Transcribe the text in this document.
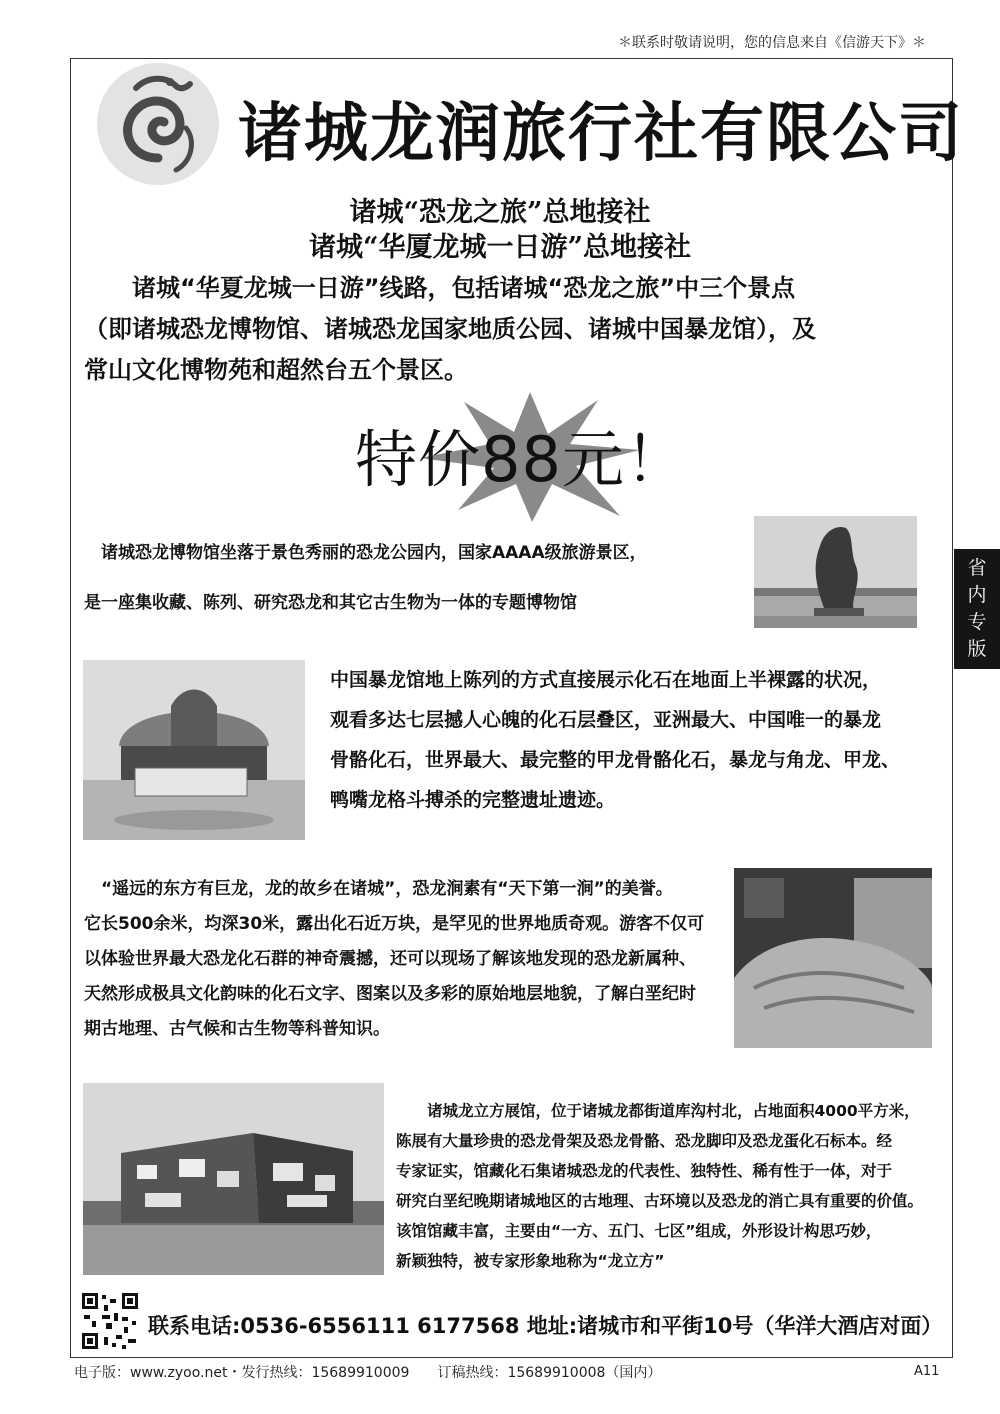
＊联系时敬请说明，您的信息来自《信游天下》＊
诸城龙润旅行社有限公司
诸城“恐龙之旅”总地接社
诸城“华厦龙城一日游”总地接社

　　诸城“华夏龙城一日游”线路，包括诸城“恐龙之旅”中三个景点

（即诸城恐龙博物馆、诸城恐龙国家地质公园、诸城中国暴龙馆），及

常山文化博物苑和超然台五个景区。

特价88元！

　诸城恐龙博物馆坐落于景色秀丽的恐龙公园内，国家AAAA级旅游景区，

是一座集收藏、陈列、研究恐龙和其它古生物为一体的专题博物馆

中国暴龙馆地上陈列的方式直接展示化石在地面上半裸露的状况，

观看多达七层撼人心魄的化石层叠区，亚洲最大、中国唯一的暴龙

骨骼化石，世界最大、最完整的甲龙骨骼化石，暴龙与角龙、甲龙、

鸭嘴龙格斗搏杀的完整遗址遗迹。

　“遥远的东方有巨龙，龙的故乡在诸城”，恐龙涧素有“天下第一涧”的美誉。

它长500余米，均深30米，露出化石近万块，是罕见的世界地质奇观。游客不仅可

以体验世界最大恐龙化石群的神奇震撼，还可以现场了解该地发现的恐龙新属种、

天然形成极具文化韵味的化石文字、图案以及多彩的原始地层地貌，了解白垩纪时

期古地理、古气候和古生物等科普知识。

　　诸城龙立方展馆，位于诸城龙都街道库沟村北，占地面积4000平方米，

陈展有大量珍贵的恐龙骨架及恐龙骨骼、恐龙脚印及恐龙蛋化石标本。经

专家证实，馆藏化石集诸城恐龙的代表性、独特性、稀有性于一体，对于

研究白垩纪晚期诸城地区的古地理、古环境以及恐龙的消亡具有重要的价值。

该馆馆藏丰富，主要由“一方、五门、七区”组成，外形设计构思巧妙，

新颖独特，被专家形象地称为“龙立方”

省
内
专
版
联系电话:0536-6556111 6177568 地址:诸城市和平街10号（华洋大酒店对面）
电子版：www.zyoo.net・发行热线：15689910009　　订稿热线：15689910008（国内）	A11
